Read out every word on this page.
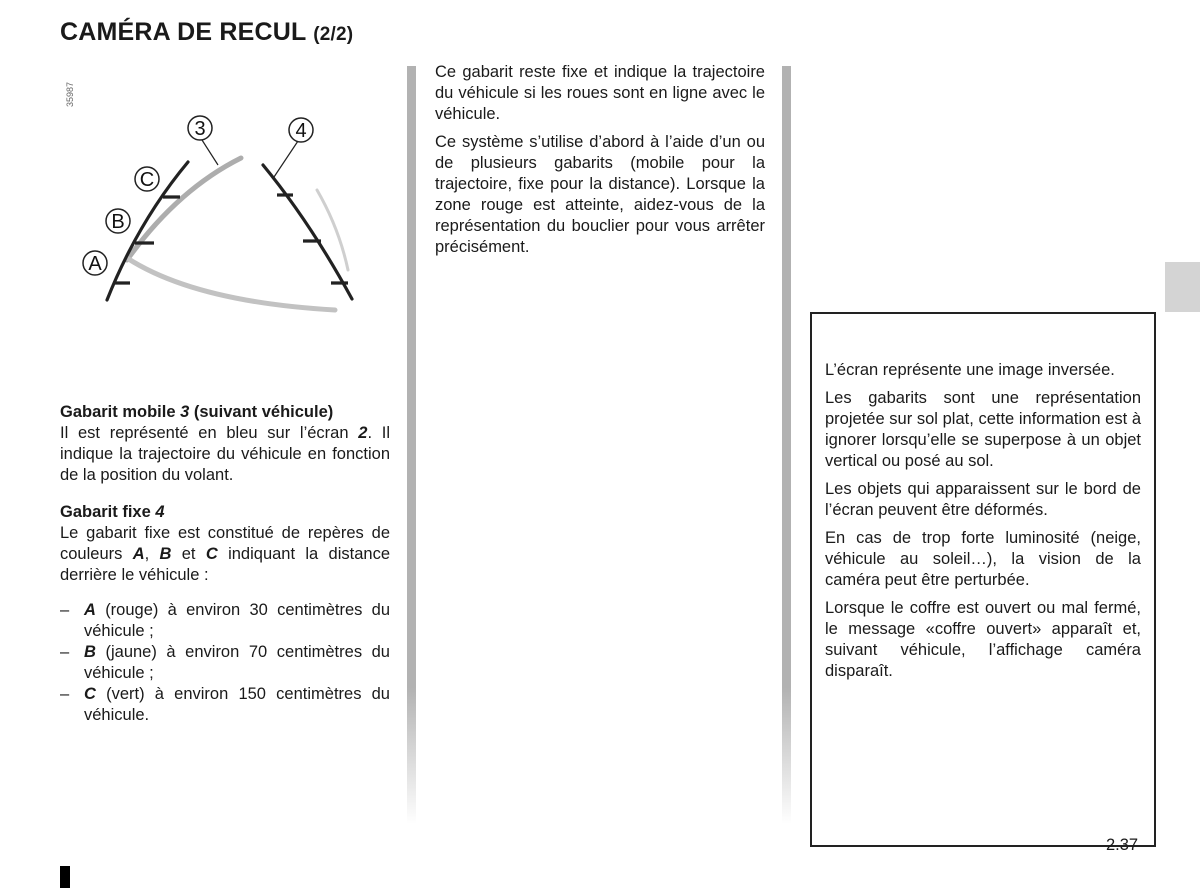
CAMÉRA DE RECUL (2/2)
35987
3	4
C
B
A

Gabarit mobile 3 (suivant véhicule)

Il est représenté en bleu sur l’écran 2. Il indique la trajectoire du véhicule en fonction de la position du volant.

Gabarit fixe 4

Le gabarit fixe est constitué de repères de couleurs A, B et C indiquant la distance derrière le véhicule :

– A (rouge) à environ 30 centimètres du véhicule ;
– B (jaune) à environ 70 centimètres du véhicule ;
– C (vert) à environ 150 centimètres du véhicule.

Ce gabarit reste fixe et indique la trajectoire du véhicule si les roues sont en ligne avec le véhicule.

Ce système s’utilise d’abord à l’aide d’un ou de plusieurs gabarits (mobile pour la trajectoire, fixe pour la distance). Lorsque la zone rouge est atteinte, aidez-vous de la représentation du bouclier pour vous arrêter précisément.

L’écran représente une image inversée.

Les gabarits sont une représentation projetée sur sol plat, cette information est à ignorer lorsqu’elle se superpose à un objet vertical ou posé au sol.

Les objets qui apparaissent sur le bord de l’écran peuvent être déformés.

En cas de trop forte luminosité (neige, véhicule au soleil…), la vision de la caméra peut être perturbée.

Lorsque le coffre est ouvert ou mal fermé, le message «coffre ouvert» apparaît et, suivant véhicule, l’affichage caméra disparaît.

2.37
